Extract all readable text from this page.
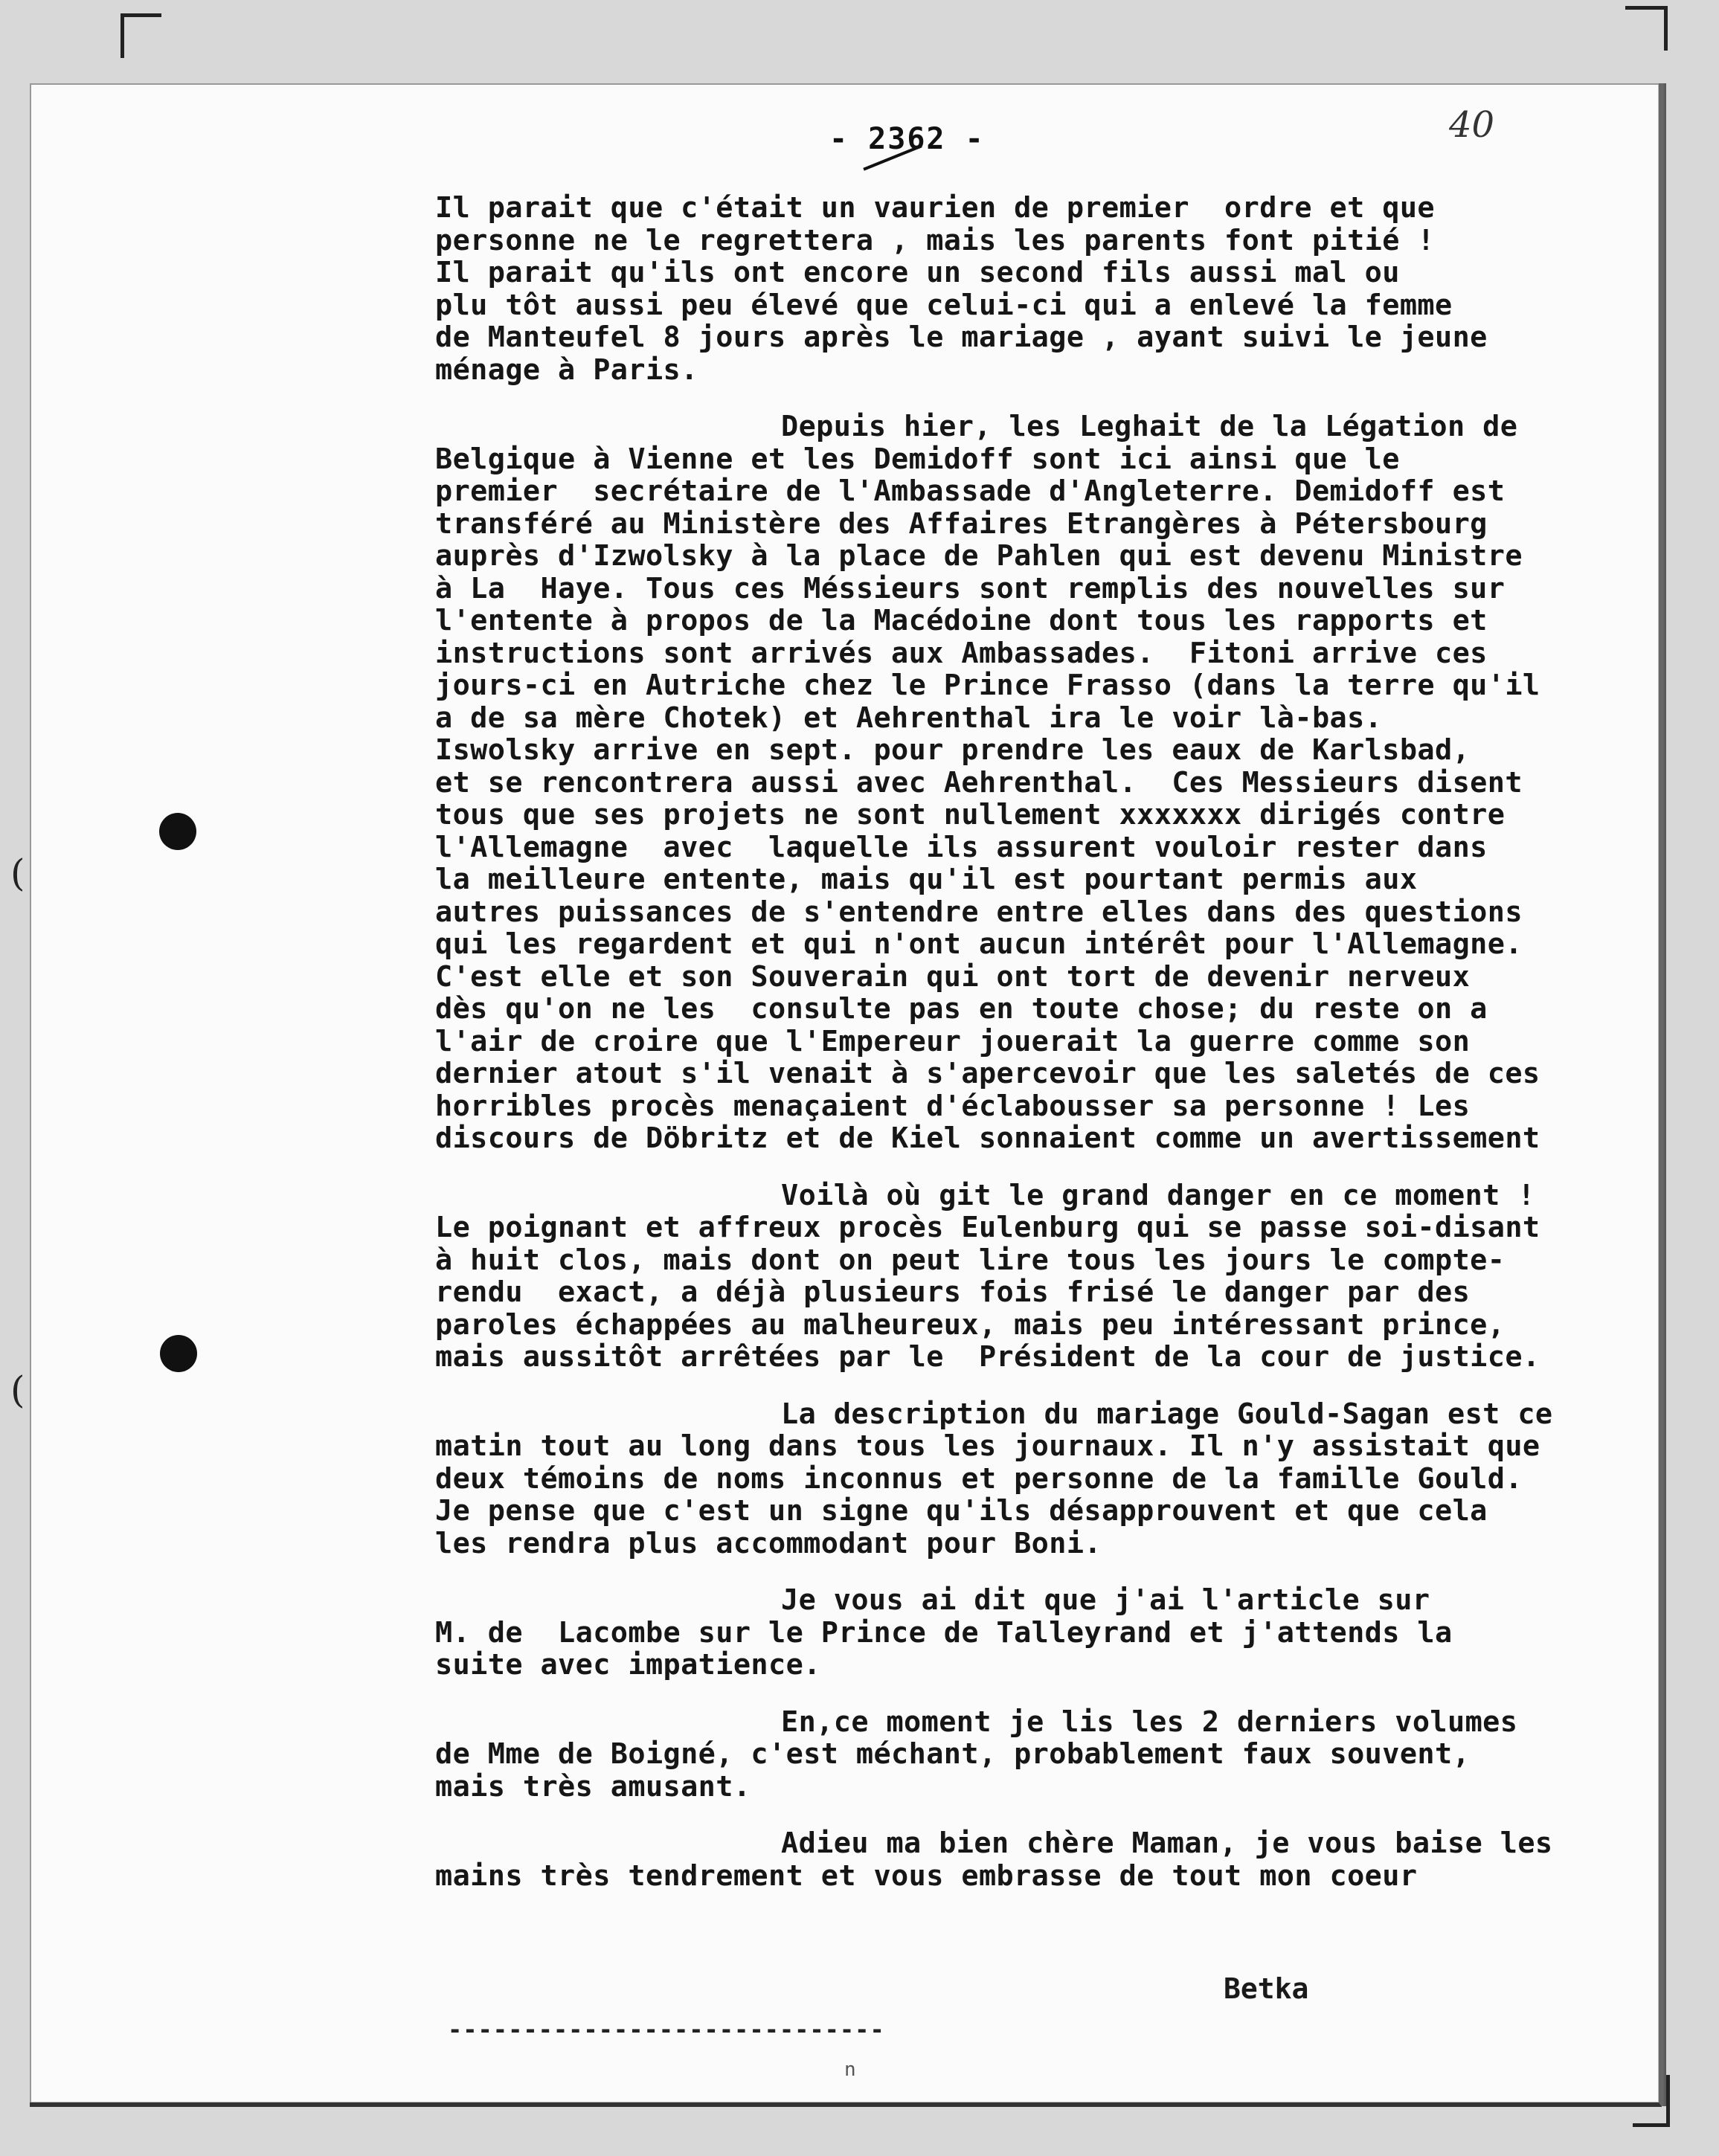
(
(
- 2362 -	40
Il parait que c'était un vaurien de premier  ordre et que
personne ne le regrettera , mais les parents font pitié !
Il parait qu'ils ont encore un second fils aussi mal ou
plu tôt aussi peu élevé que celui-ci qui a enlevé la femme
de Manteufel 8 jours après le mariage , ayant suivi le jeune
ménage à Paris.
Depuis hier, les Leghait de la Légation de
Belgique à Vienne et les Demidoff sont ici ainsi que le
premier  secrétaire de l'Ambassade d'Angleterre. Demidoff est
transféré au Ministère des Affaires Etrangères à Pétersbourg
auprès d'Izwolsky à la place de Pahlen qui est devenu Ministre
à La  Haye. Tous ces Méssieurs sont remplis des nouvelles sur
l'entente à propos de la Macédoine dont tous les rapports et
instructions sont arrivés aux Ambassades.  Fitoni arrive ces
jours-ci en Autriche chez le Prince Frasso (dans la terre qu'il
a de sa mère Chotek) et Aehrenthal ira le voir là-bas.
Iswolsky arrive en sept. pour prendre les eaux de Karlsbad,
et se rencontrera aussi avec Aehrenthal.  Ces Messieurs disent
tous que ses projets ne sont nullement xxxxxxx dirigés contre
l'Allemagne  avec  laquelle ils assurent vouloir rester dans
la meilleure entente, mais qu'il est pourtant permis aux
autres puissances de s'entendre entre elles dans des questions
qui les regardent et qui n'ont aucun intérêt pour l'Allemagne.
C'est elle et son Souverain qui ont tort de devenir nerveux
dès qu'on ne les  consulte pas en toute chose; du reste on a
l'air de croire que l'Empereur jouerait la guerre comme son
dernier atout s'il venait à s'apercevoir que les saletés de ces
horribles procès menaçaient d'éclabousser sa personne ! Les
discours de Döbritz et de Kiel sonnaient comme un avertissement
Voilà où git le grand danger en ce moment !
Le poignant et affreux procès Eulenburg qui se passe soi-disant
à huit clos, mais dont on peut lire tous les jours le compte-
rendu  exact, a déjà plusieurs fois frisé le danger par des
paroles échappées au malheureux, mais peu intéressant prince,
mais aussitôt arrêtées par le  Président de la cour de justice.
La description du mariage Gould-Sagan est ce
matin tout au long dans tous les journaux. Il n'y assistait que
deux témoins de noms inconnus et personne de la famille Gould.
Je pense que c'est un signe qu'ils désapprouvent et que cela
les rendra plus accommodant pour Boni.
Je vous ai dit que j'ai l'article sur
M. de  Lacombe sur le Prince de Talleyrand et j'attends la
suite avec impatience.
En,ce moment je lis les 2 derniers volumes
de Mme de Boigné, c'est méchant, probablement faux souvent,
mais très amusant.
Adieu ma bien chère Maman, je vous baise les
mains très tendrement et vous embrasse de tout mon coeur
Betka
-----------------------------
n
